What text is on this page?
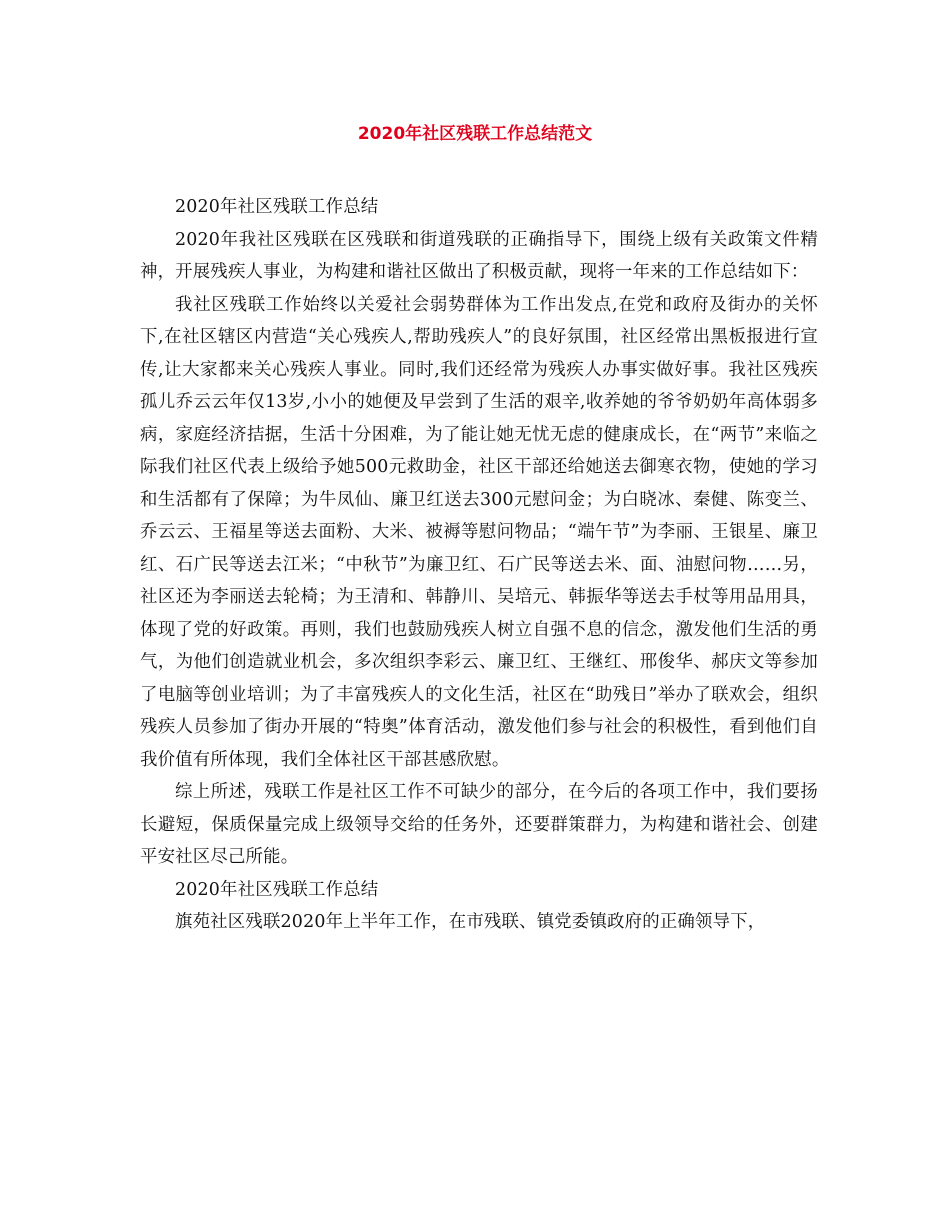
2020年社区残联工作总结范文

2020年社区残联工作总结

2020年我社区残联在区残联和街道残联的正确指导下，围绕上级有关政策文件精神，开展残疾人事业，为构建和谐社区做出了积极贡献，现将一年来的工作总结如下：

我社区残联工作始终以关爱社会弱势群体为工作出发点,在党和政府及街办的关怀下,在社区辖区内营造“关心残疾人,帮助残疾人”的良好氛围，社区经常出黑板报进行宣传,让大家都来关心残疾人事业。同时,我们还经常为残疾人办事实做好事。我社区残疾孤儿乔云云年仅13岁,小小的她便及早尝到了生活的艰辛,收养她的爷爷奶奶年高体弱多病，家庭经济拮据，生活十分困难，为了能让她无忧无虑的健康成长，在“两节”来临之际我们社区代表上级给予她500元救助金，社区干部还给她送去御寒衣物，使她的学习和生活都有了保障；为牛凤仙、廉卫红送去300元慰问金；为白晓冰、秦健、陈变兰、乔云云、王福星等送去面粉、大米、被褥等慰问物品；“端午节”为李丽、王银星、廉卫红、石广民等送去江米；“中秋节”为廉卫红、石广民等送去米、面、油慰问物……另，社区还为李丽送去轮椅；为王清和、韩静川、吴培元、韩振华等送去手杖等用品用具，体现了党的好政策。再则，我们也鼓励残疾人树立自强不息的信念，激发他们生活的勇气，为他们创造就业机会，多次组织李彩云、廉卫红、王继红、邢俊华、郝庆文等参加了电脑等创业培训；为了丰富残疾人的文化生活，社区在“助残日”举办了联欢会，组织残疾人员参加了街办开展的“特奥”体育活动，激发他们参与社会的积极性，看到他们自我价值有所体现，我们全体社区干部甚感欣慰。

综上所述，残联工作是社区工作不可缺少的部分，在今后的各项工作中，我们要扬长避短，保质保量完成上级领导交给的任务外，还要群策群力，为构建和谐社会、创建平安社区尽己所能。

2020年社区残联工作总结

旗苑社区残联2020年上半年工作，在市残联、镇党委镇政府的正确领导下，
